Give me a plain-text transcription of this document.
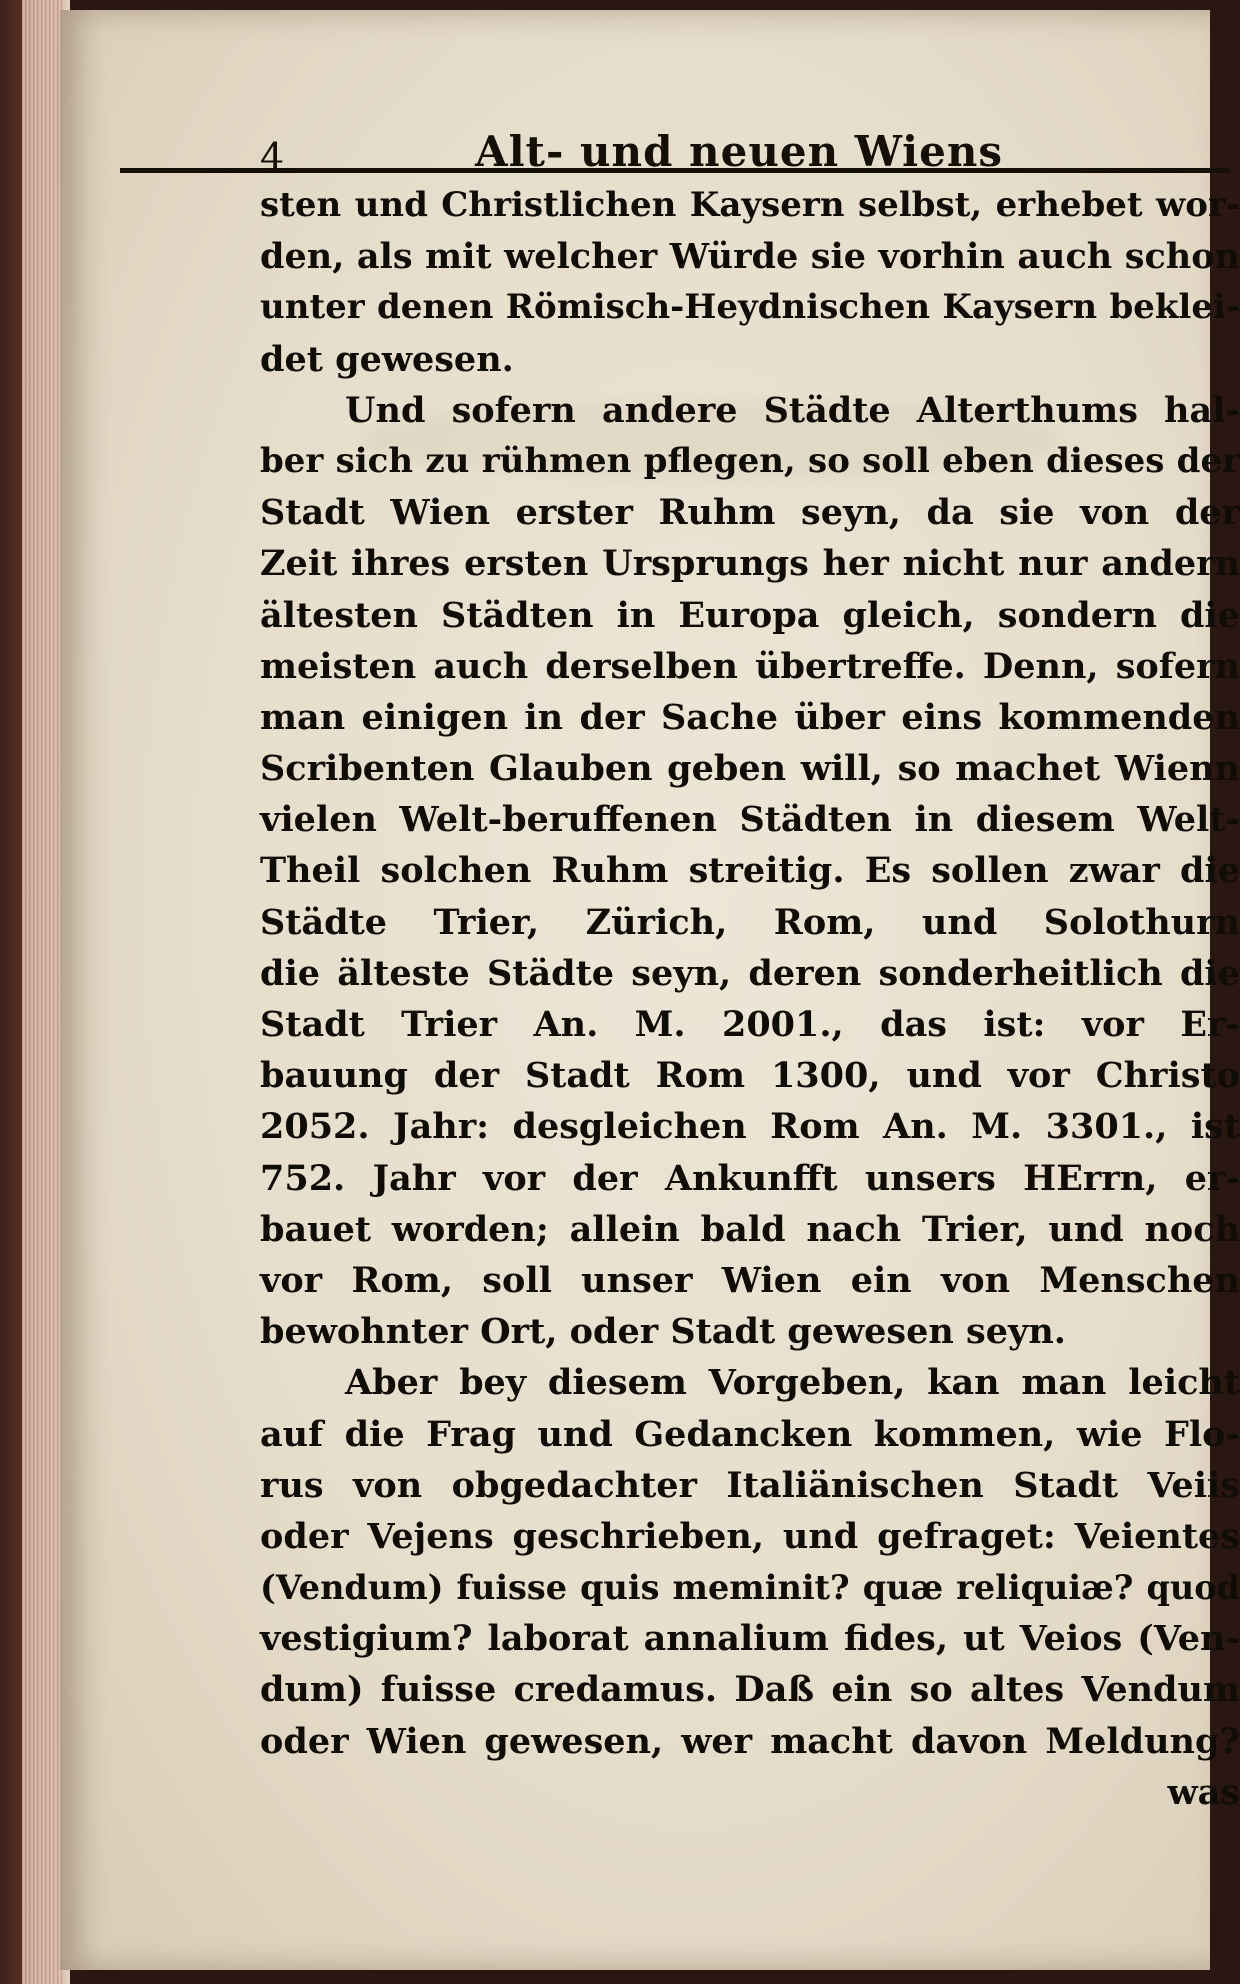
4	Alt- und neuen Wiens
sten und Christlichen Kaysern selbst, erhebet wor-
den, als mit welcher Würde sie vorhin auch schon
unter denen Römisch-Heydnischen Kaysern beklei-
det gewesen.
Und sofern andere Städte Alterthums hal-
ber sich zu rühmen pflegen, so soll eben dieses der
Stadt Wien erster Ruhm seyn, da sie von der
Zeit ihres ersten Ursprungs her nicht nur andern
ältesten Städten in Europa gleich, sondern die
meisten auch derselben übertreffe. Denn, sofern
man einigen in der Sache über eins kommenden
Scribenten Glauben geben will, so machet Wienn
vielen Welt-beruffenen Städten in diesem Welt-
Theil solchen Ruhm streitig. Es sollen zwar die
Städte Trier, Zürich, Rom, und Solothurn
die älteste Städte seyn, deren sonderheitlich die
Stadt Trier An. M. 2001., das ist: vor Er-
bauung der Stadt Rom 1300, und vor Christo
2052. Jahr: desgleichen Rom An. M. 3301., ist
752. Jahr vor der Ankunfft unsers HErrn, er-
bauet worden; allein bald nach Trier, und noch
vor Rom, soll unser Wien ein von Menschen
bewohnter Ort, oder Stadt gewesen seyn.
Aber bey diesem Vorgeben, kan man leicht
auf die Frag und Gedancken kommen, wie Flo-
rus von obgedachter Italiänischen Stadt Veiis
oder Vejens geschrieben, und gefraget: Veientes
(Vendum) fuisse quis meminit? quæ reliquiæ? quod
vestigium? laborat annalium fides, ut Veios (Ven-
dum) fuisse credamus. Daß ein so altes Vendum
oder Wien gewesen, wer macht davon Meldung?
was
